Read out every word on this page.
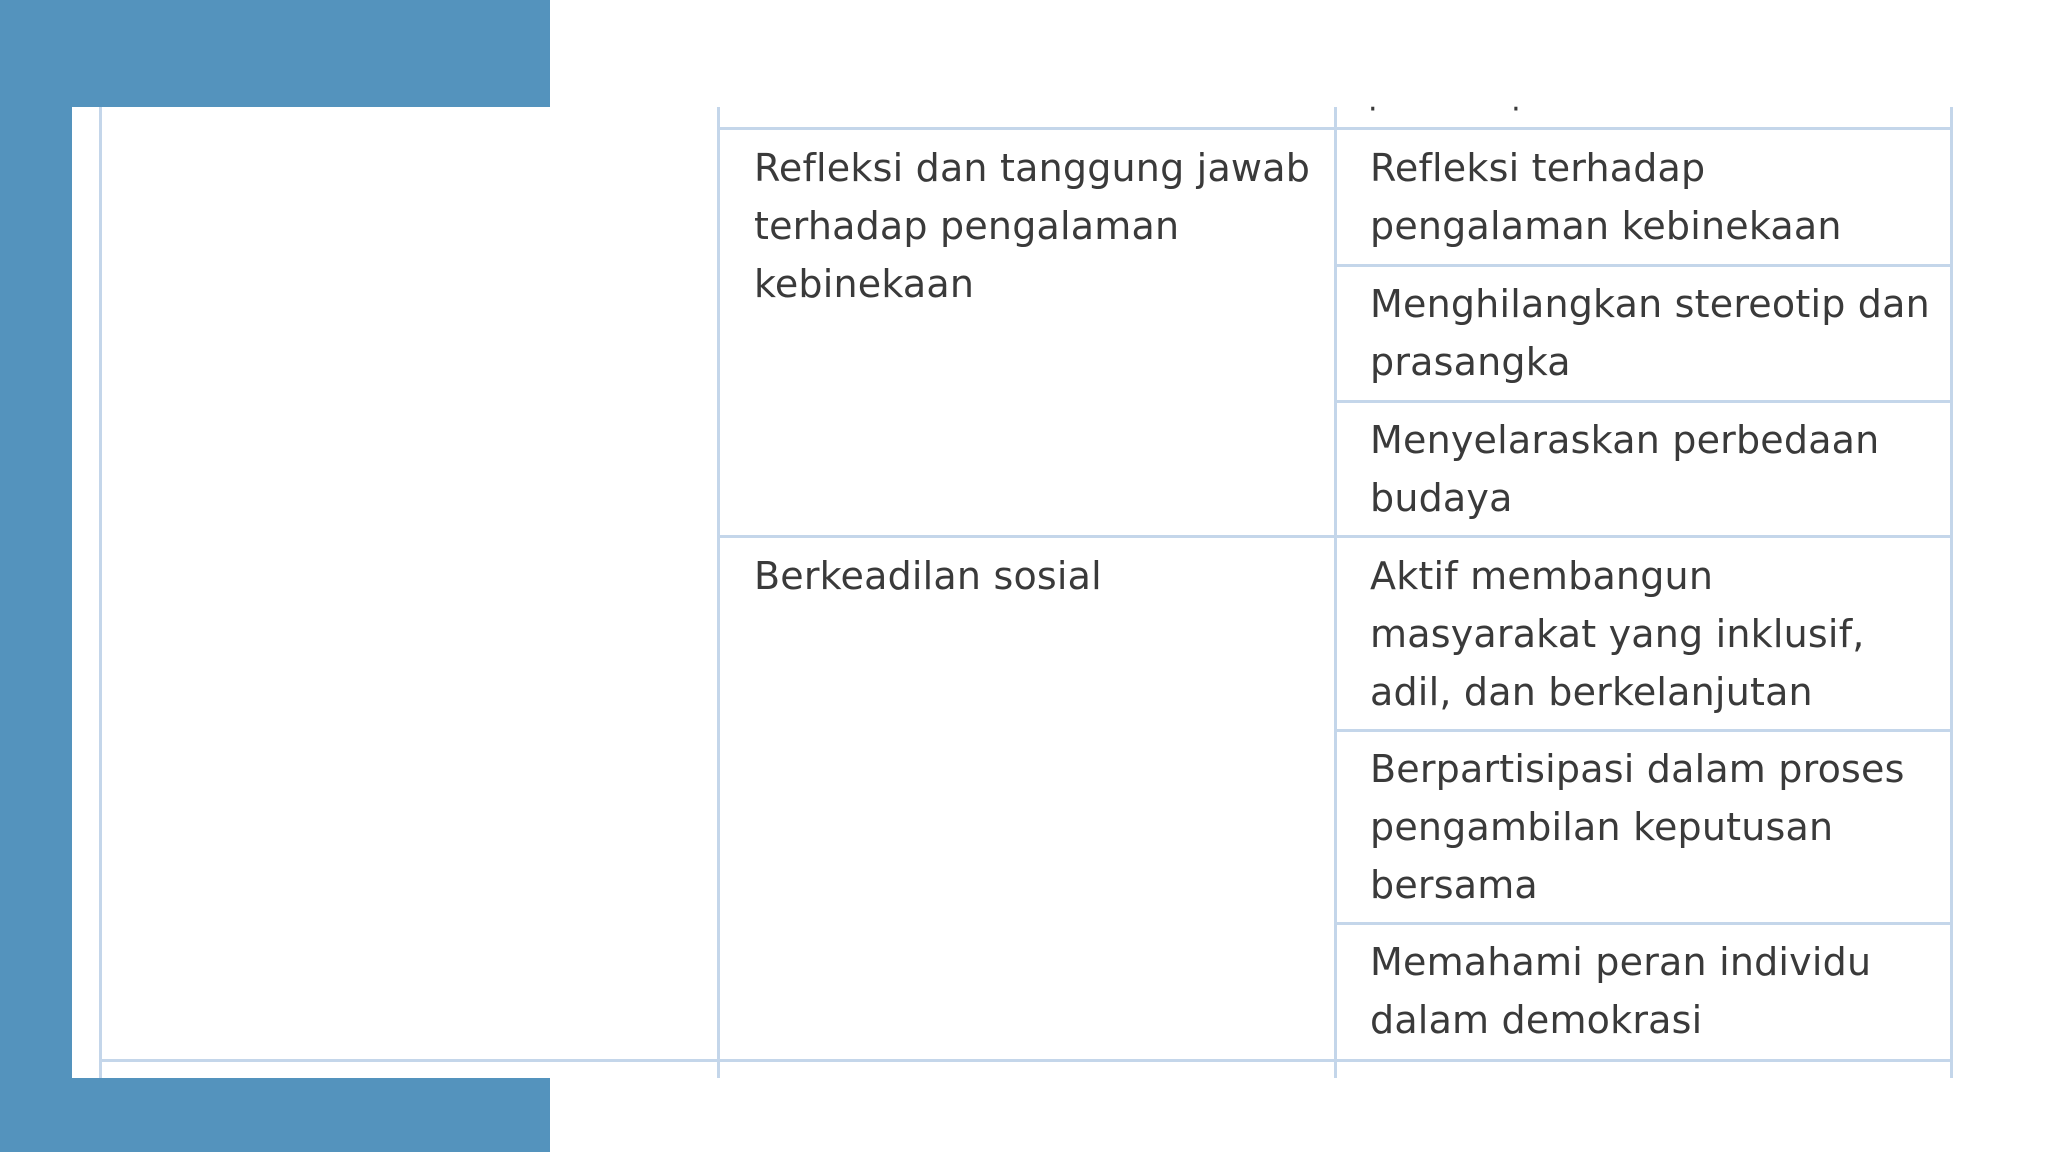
· ·
Refleksi dan tanggung jawab terhadap pengalaman kebinekaan
Refleksi terhadap pengalaman kebinekaan
Menghilangkan stereotip dan prasangka
Menyelaraskan perbedaan budaya
Berkeadilan sosial	Aktif membangun masyarakat yang inklusif, adil, dan berkelanjutan
Berpartisipasi dalam proses pengambilan keputusan bersama
Memahami peran individu dalam demokrasi
